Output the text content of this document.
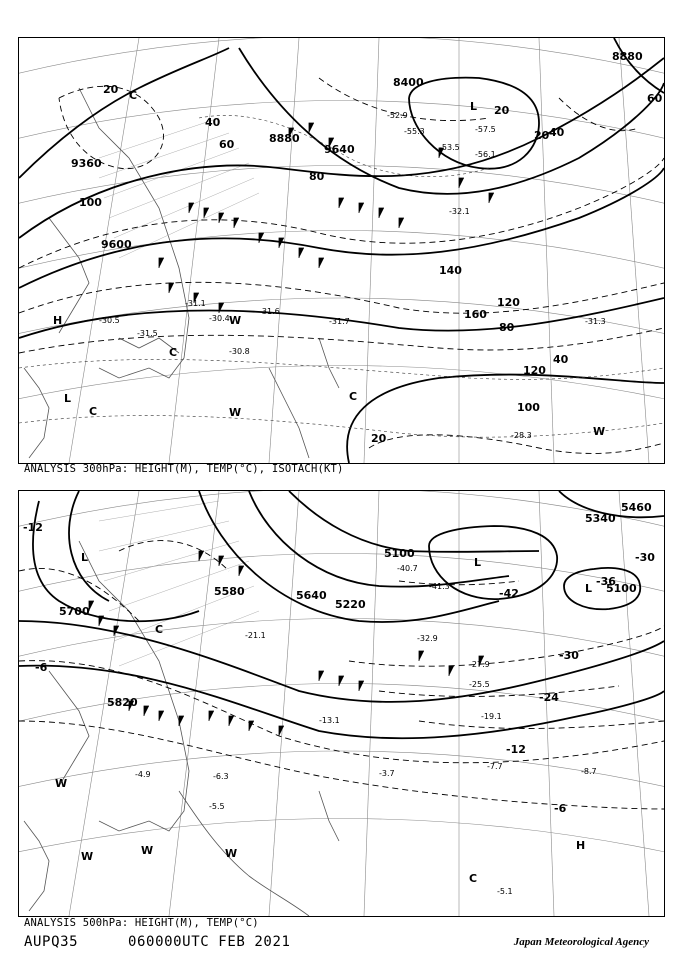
9360
9600
9640
8400
8880
8880
20
40
60
80
100
120
140
160
20
40
60
80
100
120
20
40
20
L
H
L
C
C
W
W
C
W
C
-31.7	-31.3
-30.5
-31.5
-31.1
-30.4
-28.3
-31.6
-32.1
-30.8
-55.3
-53.5
-56.1
-52.9
-57.5
ANALYSIS 300hPa: HEIGHT(M), TEMP(°C), ISOTACH(KT)
5700
5580
5820
5220
5100
5100
5340
5460
5640
-12
-6
-36
-30
-24
-12
-6
-30
-42
L
L
L
H
C
C
W
W	W	W
-7.7
-8.7
-5.5
-5.1
-4.9	-6.3	-3.7
-41.3
-40.7
-32.9
-21.1
-13.1	-19.1
-25.5
-27.9
ANALYSIS 500hPa: HEIGHT(M), TEMP(°C)
AUPQ35	060000UTC FEB 2021	Japan Meteorological Agency
